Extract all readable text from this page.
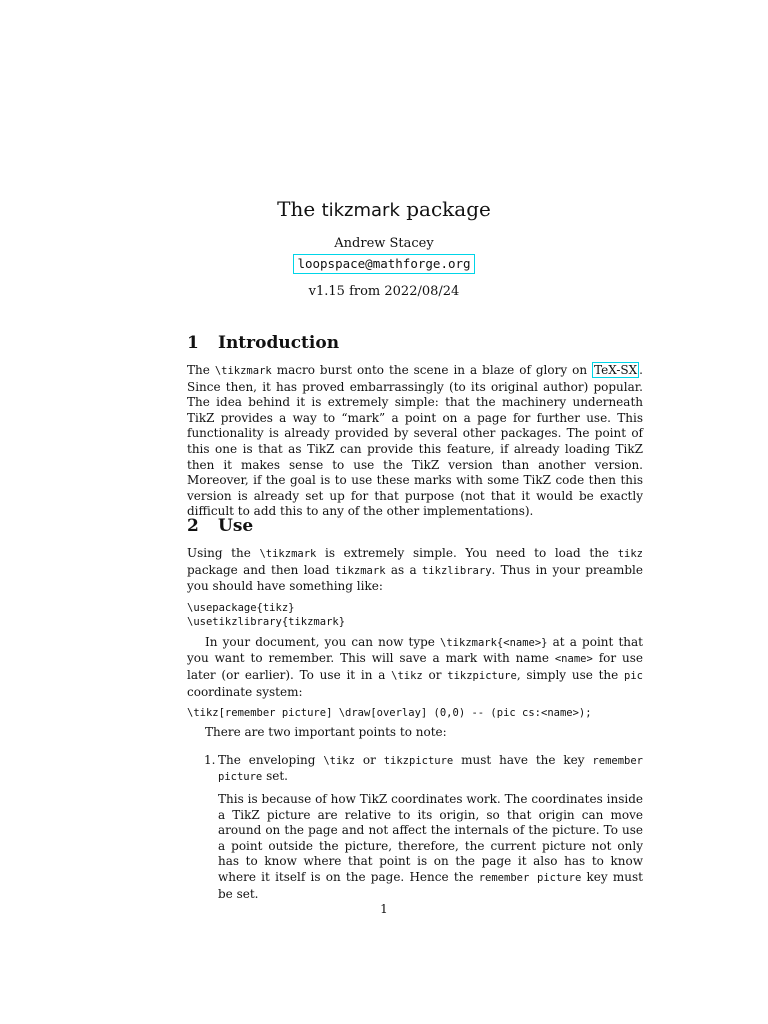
The tikzmark package
Andrew Stacey
loopspace@mathforge.org
v1.15 from 2022/08/24
1 Introduction

The \tikzmark macro burst onto the scene in a blaze of glory on TeX-SX . Since then, it has proved embarrassingly (to its original author) popular. The idea behind it is extremely simple: that the machinery underneath TikZ provides a way to “mark” a point on a page for further use. This functionality is already provided by several other packages. The point of this one is that as TikZ can provide this feature, if already loading TikZ then it makes sense to use the TikZ version than another version. Moreover, if the goal is to use these marks with some TikZ code then this version is already set up for that purpose (not that it would be exactly difficult to add this to any of the other implementations).

2 Use

Using the \tikzmark is extremely simple. You need to load the tikz package and then load tikzmark as a tikzlibrary. Thus in your preamble you should have something like:

\usepackage{tikz}
\usetikzlibrary{tikzmark}

In your document, you can now type \tikzmark{<name>} at a point that you want to remember. This will save a mark with name <name> for use later (or earlier). To use it in a \tikz or tikzpicture, simply use the pic coordinate system:

\tikz[remember picture] \draw[overlay] (0,0) -- (pic cs:<name>);

There are two important points to note:

1. The enveloping \tikz or tikzpicture must have the key remember picture set.

This is because of how TikZ coordinates work. The coordinates inside a TikZ picture are relative to its origin, so that origin can move around on the page and not affect the internals of the picture. To use a point outside the picture, therefore, the current picture not only has to know where that point is on the page it also has to know where it itself is on the page. Hence the remember picture key must be set.

1
